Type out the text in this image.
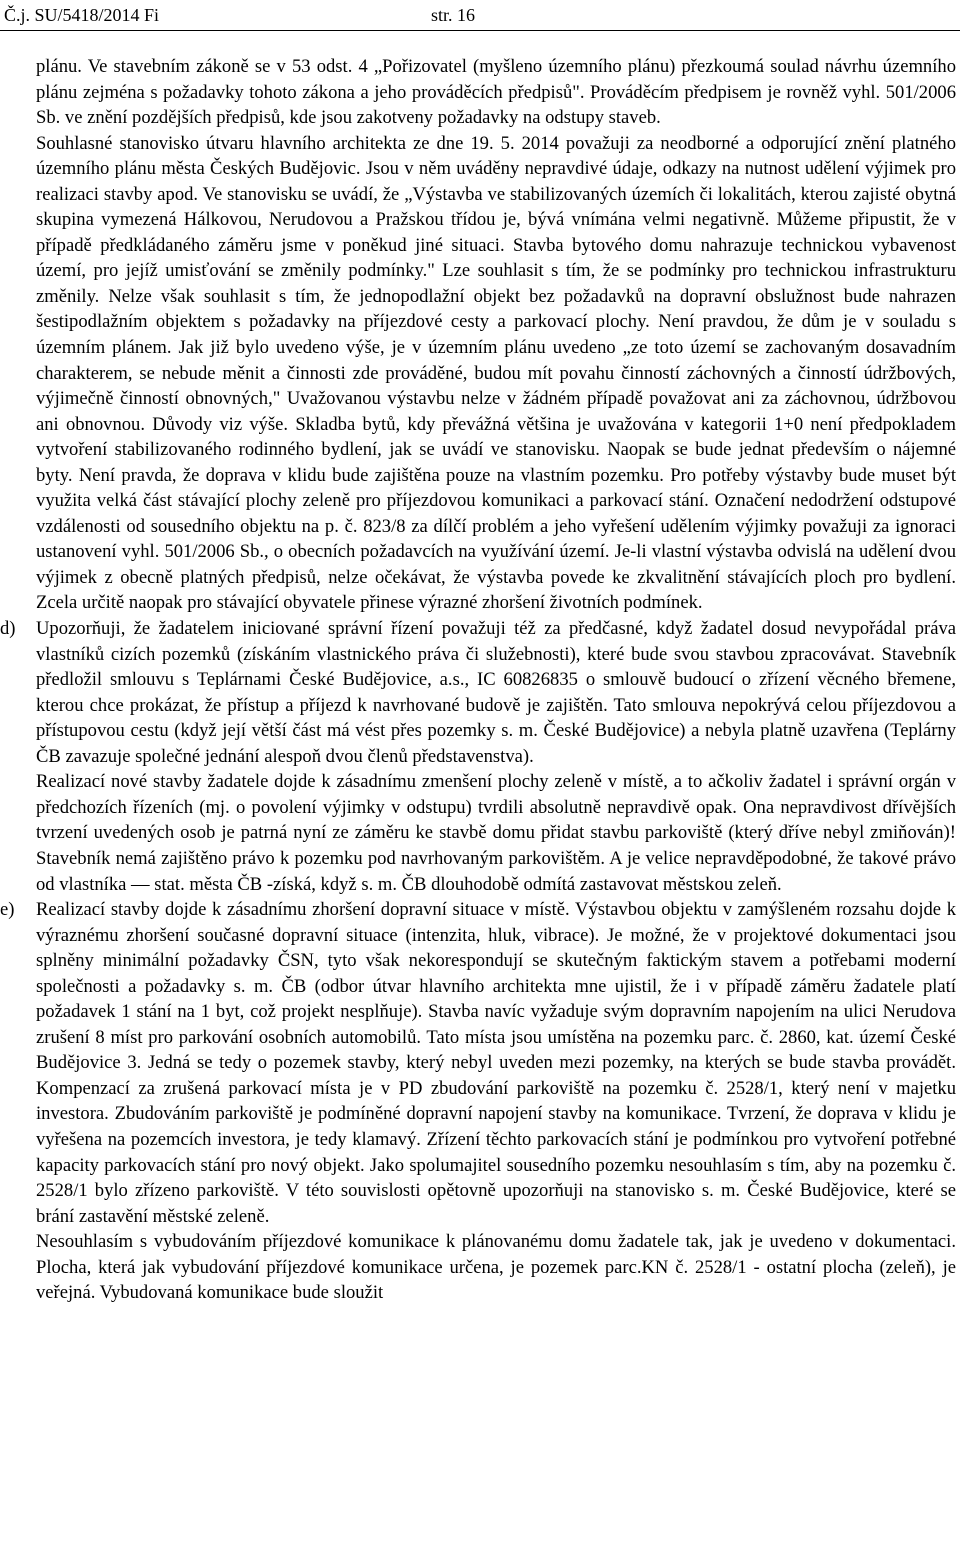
Č.j. SU/5418/2014 Fi	str. 16

plánu. Ve stavebním zákoně se v 53 odst. 4 „Pořizovatel (myšleno územního plánu) přezkoumá soulad návrhu územního plánu zejména s požadavky tohoto zákona a jeho prováděcích předpisů". Prováděcím předpisem je rovněž vyhl. 501/2006 Sb. ve znění pozdějších předpisů, kde jsou zakotveny požadavky na odstupy staveb.

Souhlasné stanovisko útvaru hlavního architekta ze dne 19. 5. 2014 považuji za neodborné a odporující znění platného územního plánu města Českých Budějovic. Jsou v něm uváděny nepravdivé údaje, odkazy na nutnost udělení výjimek pro realizaci stavby apod. Ve stanovisku se uvádí, že „Výstavba ve stabilizovaných územích či lokalitách, kterou zajisté obytná skupina vymezená Hálkovou, Nerudovou a Pražskou třídou je, bývá vnímána velmi negativně. Můžeme připustit, že v případě předkládaného záměru jsme v poněkud jiné situaci. Stavba bytového domu nahrazuje technickou vybavenost území, pro jejíž umisťování se změnily podmínky." Lze souhlasit s tím, že se podmínky pro technickou infrastrukturu změnily. Nelze však souhlasit s tím, že jednopodlažní objekt bez požadavků na dopravní obslužnost bude nahrazen šestipodlažním objektem s požadavky na příjezdové cesty a parkovací plochy. Není pravdou, že dům je v souladu s územním plánem. Jak již bylo uvedeno výše, je v územním plánu uvedeno „ze toto území se zachovaným dosavadním charakterem, se nebude měnit a činnosti zde prováděné, budou mít povahu činností záchovných a činností údržbových, výjimečně činností obnovných," Uvažovanou výstavbu nelze v žádném případě považovat ani za záchovnou, údržbovou ani obnovnou. Důvody viz výše. Skladba bytů, kdy převážná většina je uvažována v kategorii 1+0 není předpokladem vytvoření stabilizovaného rodinného bydlení, jak se uvádí ve stanovisku. Naopak se bude jednat především o nájemné byty. Není pravda, že doprava v klidu bude zajištěna pouze na vlastním pozemku. Pro potřeby výstavby bude muset být využita velká část stávající plochy zeleně pro příjezdovou komunikaci a parkovací stání. Označení nedodržení odstupové vzdálenosti od sousedního objektu na p. č. 823/8 za dílčí problém a jeho vyřešení udělením výjimky považuji za ignoraci ustanovení vyhl. 501/2006 Sb., o obecních požadavcích na využívání území. Je-li vlastní výstavba odvislá na udělení dvou výjimek z obecně platných předpisů, nelze očekávat, že výstavba povede ke zkvalitnění stávajících ploch pro bydlení. Zcela určitě naopak pro stávající obyvatele přinese výrazné zhoršení životních podmínek.

d) Upozorňuji, že žadatelem iniciované správní řízení považuji též za předčasné, když žadatel dosud nevypořádal práva vlastníků cizích pozemků (získáním vlastnického práva či služebnosti), které bude svou stavbou zpracovávat. Stavebník předložil smlouvu s Teplárnami České Budějovice, a.s., IC 60826835 o smlouvě budoucí o zřízení věcného břemene, kterou chce prokázat, že přístup a příjezd k navrhované budově je zajištěn. Tato smlouva nepokrývá celou příjezdovou a přístupovou cestu (když její větší část má vést přes pozemky s. m. České Budějovice) a nebyla platně uzavřena (Teplárny ČB zavazuje společné jednání alespoň dvou členů představenstva).

Realizací nové stavby žadatele dojde k zásadnímu zmenšení plochy zeleně v místě, a to ačkoliv žadatel i správní orgán v předchozích řízeních (mj. o povolení výjimky v odstupu) tvrdili absolutně nepravdivě opak. Ona nepravdivost dřívějších tvrzení uvedených osob je patrná nyní ze záměru ke stavbě domu přidat stavbu parkoviště (který dříve nebyl zmiňován)! Stavebník nemá zajištěno právo k pozemku pod navrhovaným parkovištěm. A je velice nepravděpodobné, že takové právo od vlastníka — stat. města ČB -získá, když s. m. ČB dlouhodobě odmítá zastavovat městskou zeleň.

e) Realizací stavby dojde k zásadnímu zhoršení dopravní situace v místě. Výstavbou objektu v zamýšleném rozsahu dojde k výraznému zhoršení současné dopravní situace (intenzita, hluk, vibrace). Je možné, že v projektové dokumentaci jsou splněny minimální požadavky ČSN, tyto však nekorespondují se skutečným faktickým stavem a potřebami moderní společnosti a požadavky s. m. ČB (odbor útvar hlavního architekta mne ujistil, že i v případě záměru žadatele platí požadavek 1 stání na 1 byt, což projekt nesplňuje). Stavba navíc vyžaduje svým dopravním napojením na ulici Nerudova zrušení 8 míst pro parkování osobních automobilů. Tato místa jsou umístěna na pozemku parc. č. 2860, kat. území České Budějovice 3. Jedná se tedy o pozemek stavby, který nebyl uveden mezi pozemky, na kterých se bude stavba provádět. Kompenzací za zrušená parkovací místa je v PD zbudování parkoviště na pozemku č. 2528/1, který není v majetku investora. Zbudováním parkoviště je podmíněné dopravní napojení stavby na komunikace. Tvrzení, že doprava v klidu je vyřešena na pozemcích investora, je tedy klamavý. Zřízení těchto parkovacích stání je podmínkou pro vytvoření potřebné kapacity parkovacích stání pro nový objekt. Jako spolumajitel sousedního pozemku nesouhlasím s tím, aby na pozemku č. 2528/1 bylo zřízeno parkoviště. V této souvislosti opětovně upozorňuji na stanovisko s. m. České Budějovice, které se brání zastavění městské zeleně.

Nesouhlasím s vybudováním příjezdové komunikace k plánovanému domu žadatele tak, jak je uvedeno v dokumentaci. Plocha, která jak vybudování příjezdové komunikace určena, je pozemek parc.KN č. 2528/1 - ostatní plocha (zeleň), je veřejná. Vybudovaná komunikace bude sloužit
